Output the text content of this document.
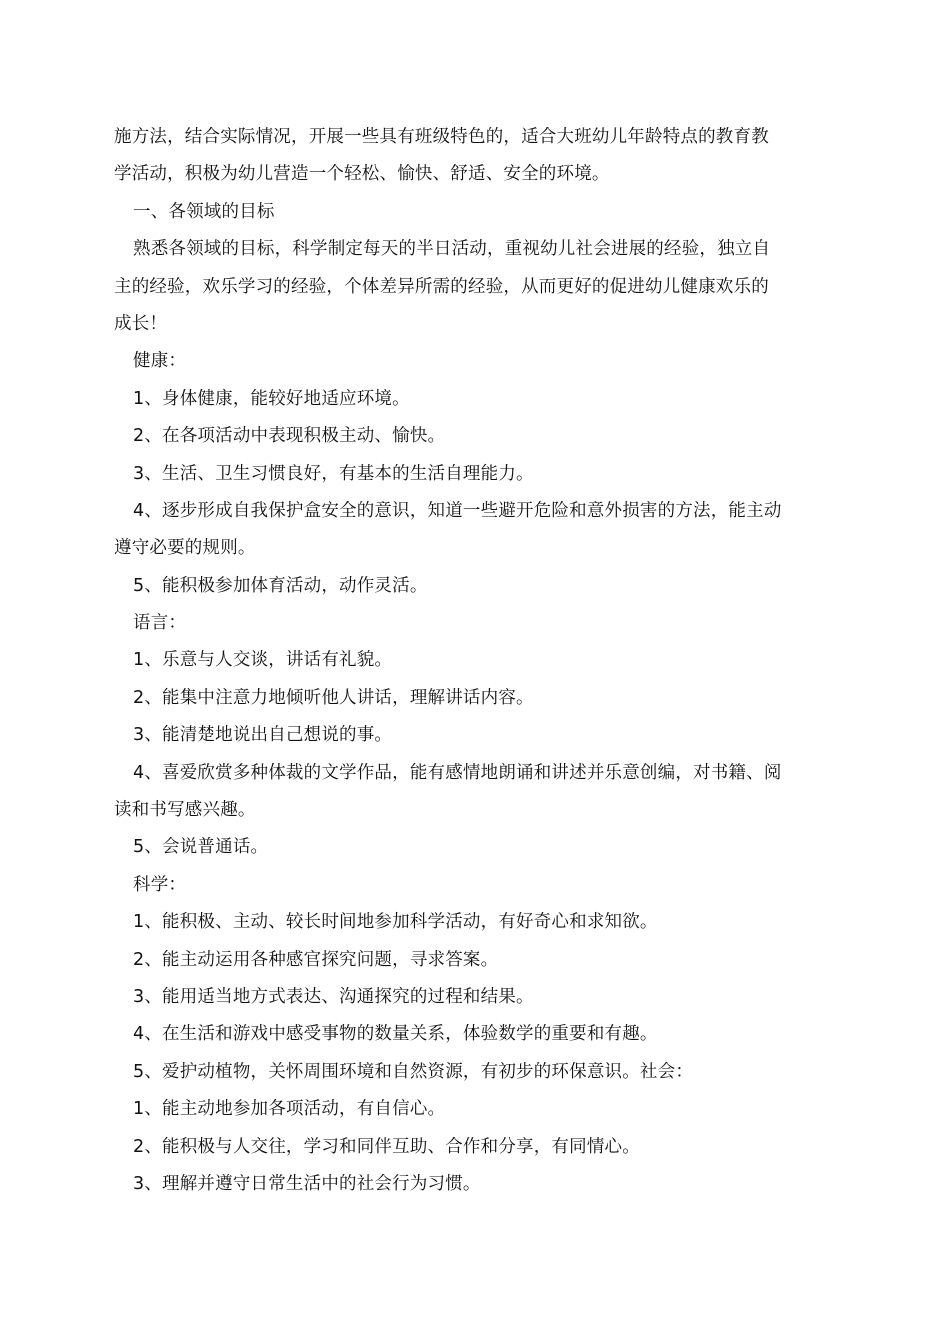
施方法，结合实际情况，开展一些具有班级特色的，适合大班幼儿年龄特点的教育教
学活动，积极为幼儿营造一个轻松、愉快、舒适、安全的环境。
一、各领域的目标
熟悉各领域的目标，科学制定每天的半日活动，重视幼儿社会进展的经验，独立自
主的经验，欢乐学习的经验，个体差异所需的经验，从而更好的促进幼儿健康欢乐的
成长！
健康：
1、身体健康，能较好地适应环境。
2、在各项活动中表现积极主动、愉快。
3、生活、卫生习惯良好，有基本的生活自理能力。
4、逐步形成自我保护盒安全的意识，知道一些避开危险和意外损害的方法，能主动
遵守必要的规则。
5、能积极参加体育活动，动作灵活。
语言：
1、乐意与人交谈，讲话有礼貌。
2、能集中注意力地倾听他人讲话，理解讲话内容。
3、能清楚地说出自己想说的事。
4、喜爱欣赏多种体裁的文学作品，能有感情地朗诵和讲述并乐意创编，对书籍、阅
读和书写感兴趣。
5、会说普通话。
科学：
1、能积极、主动、较长时间地参加科学活动，有好奇心和求知欲。
2、能主动运用各种感官探究问题，寻求答案。
3、能用适当地方式表达、沟通探究的过程和结果。
4、在生活和游戏中感受事物的数量关系，体验数学的重要和有趣。
5、爱护动植物，关怀周围环境和自然资源，有初步的环保意识。社会：
1、能主动地参加各项活动，有自信心。
2、能积极与人交往，学习和同伴互助、合作和分享，有同情心。
3、理解并遵守日常生活中的社会行为习惯。
